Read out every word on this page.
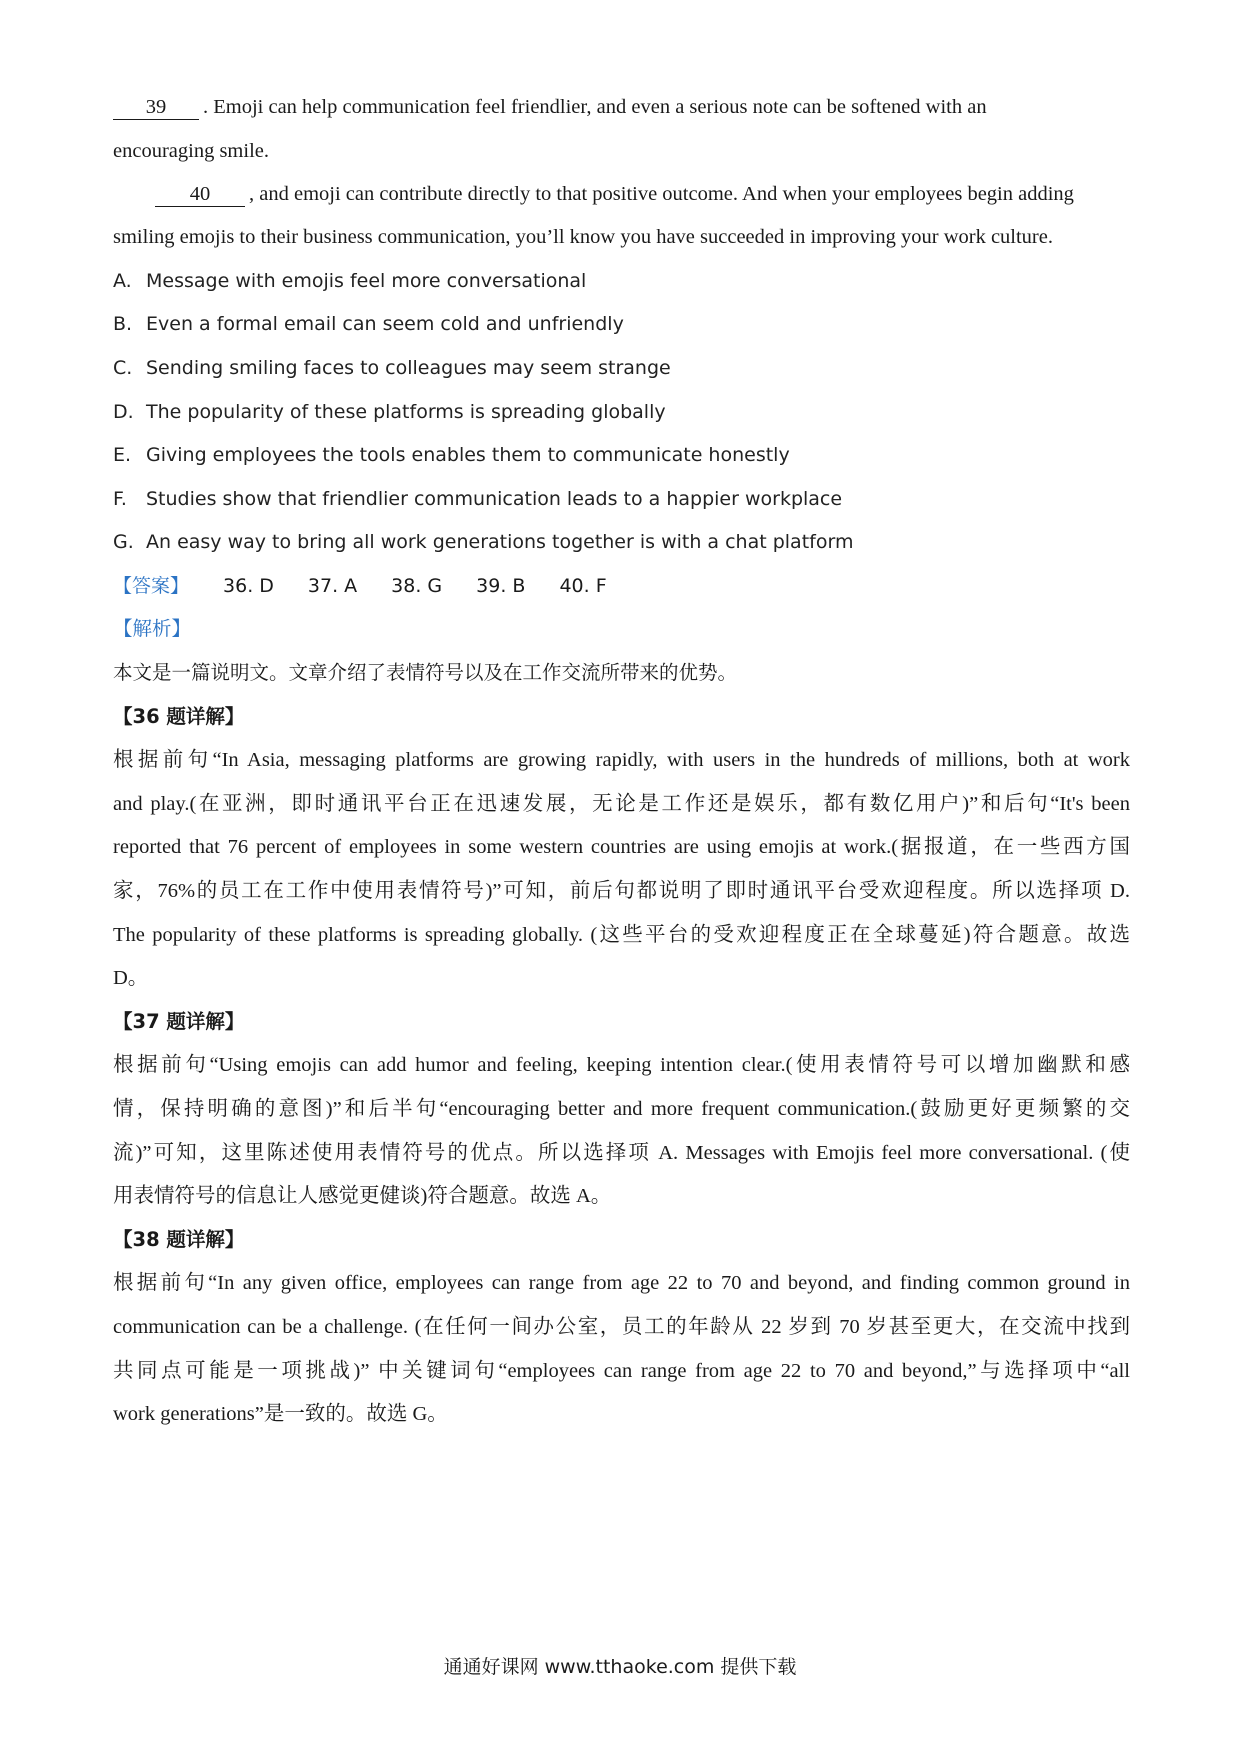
39 . Emoji can help communication feel friendlier, and even a serious note can be softened with an
encouraging smile.
40 , and emoji can contribute directly to that positive outcome. And when your employees begin adding
smiling emojis to their business communication, you’ll know you have succeeded in improving your work culture.
A. Message with emojis feel more conversational
B. Even a formal email can seem cold and unfriendly
C. Sending smiling faces to colleagues may seem strange
D. The popularity of these platforms is spreading globally
E. Giving employees the tools enables them to communicate honestly
F. Studies show that friendlier communication leads to a happier workplace
G. An easy way to bring all work generations together is with a chat platform
【答案】 36. D 37. A 38. G 39. B 40. F
【解析】
本文是一篇说明文。文章介绍了表情符号以及在工作交流所带来的优势。
【36 题详解】
根据前句“In Asia, messaging platforms are growing rapidly, with users in the hundreds of millions, both at work
and play.(在亚洲，即时通讯平台正在迅速发展，无论是工作还是娱乐，都有数亿用户)”和后句“It's been
reported that 76 percent of employees in some western countries are using emojis at work.(据报道，在一些西方国
家，76%的员工在工作中使用表情符号)”可知，前后句都说明了即时通讯平台受欢迎程度。所以选择项 D.
The popularity of these platforms is spreading globally. (这些平台的受欢迎程度正在全球蔓延)符合题意。故选
D。
【37 题详解】
根据前句“Using emojis can add humor and feeling, keeping intention clear.(使用表情符号可以增加幽默和感
情，保持明确的意图)”和后半句“encouraging better and more frequent communication.(鼓励更好更频繁的交
流)”可知，这里陈述使用表情符号的优点。所以选择项 A. Messages with Emojis feel more conversational. (使
用表情符号的信息让人感觉更健谈)符合题意。故选 A。
【38 题详解】
根据前句“In any given office, employees can range from age 22 to 70 and beyond, and finding common ground in
communication can be a challenge. (在任何一间办公室，员工的年龄从 22 岁到 70 岁甚至更大，在交流中找到
共同点可能是一项挑战)” 中关键词句“employees can range from age 22 to 70 and beyond,”与选择项中“all
work generations”是一致的。故选 G。
通通好课网 www.tthaoke.com 提供下载
